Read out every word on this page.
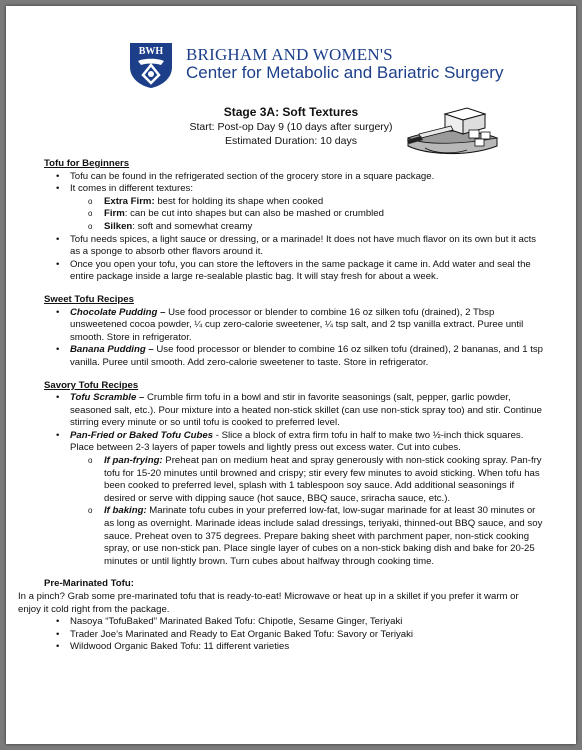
BWH BRIGHAM AND WOMEN'S
Center for Metabolic and Bariatric Surgery
Stage 3A: Soft Textures
Start: Post-op Day 9 (10 days after surgery)
Estimated Duration: 10 days
Tofu for Beginners
• Tofu can be found in the refrigerated section of the grocery store in a square package.
• It comes in different textures:
o Extra Firm: best for holding its shape when cooked
o Firm: can be cut into shapes but can also be mashed or crumbled
o Silken: soft and somewhat creamy
• Tofu needs spices, a light sauce or dressing, or a marinade! It does not have much flavor on its own but it acts as a sponge to absorb other flavors around it.
• Once you open your tofu, you can store the leftovers in the same package it came in. Add water and seal the entire package inside a large re-sealable plastic bag. It will stay fresh for about a week.
Sweet Tofu Recipes
• Chocolate Pudding – Use food processor or blender to combine 16 oz silken tofu (drained), 2 Tbsp unsweetened cocoa powder, ¼ cup zero-calorie sweetener, ¼ tsp salt, and 2 tsp vanilla extract. Puree until smooth. Store in refrigerator.
• Banana Pudding – Use food processor or blender to combine 16 oz silken tofu (drained), 2 bananas, and 1 tsp vanilla. Puree until smooth. Add zero-calorie sweetener to taste. Store in refrigerator.
Savory Tofu Recipes
• Tofu Scramble – Crumble firm tofu in a bowl and stir in favorite seasonings (salt, pepper, garlic powder, seasoned salt, etc.). Pour mixture into a heated non-stick skillet (can use non-stick spray too) and stir. Continue stirring every minute or so until tofu is cooked to preferred level.
• Pan-Fried or Baked Tofu Cubes - Slice a block of extra firm tofu in half to make two ½-inch thick squares. Place between 2-3 layers of paper towels and lightly press out excess water. Cut into cubes.
o If pan-frying: Preheat pan on medium heat and spray generously with non-stick cooking spray. Pan-fry tofu for 15-20 minutes until browned and crispy; stir every few minutes to avoid sticking. When tofu has been cooked to preferred level, splash with 1 tablespoon soy sauce. Add additional seasonings if desired or serve with dipping sauce (hot sauce, BBQ sauce, sriracha sauce, etc.).
o If baking: Marinate tofu cubes in your preferred low-fat, low-sugar marinade for at least 30 minutes or as long as overnight. Marinade ideas include salad dressings, teriyaki, thinned-out BBQ sauce, and soy sauce. Preheat oven to 375 degrees. Prepare baking sheet with parchment paper, non-stick cooking spray, or use non-stick pan. Place single layer of cubes on a non-stick baking dish and bake for 20-25 minutes or until lightly brown. Turn cubes about halfway through cooking time.
Pre-Marinated Tofu:
In a pinch? Grab some pre-marinated tofu that is ready-to-eat! Microwave or heat up in a skillet if you prefer it warm or enjoy it cold right from the package.
• Nasoya “TofuBaked” Marinated Baked Tofu: Chipotle, Sesame Ginger, Teriyaki
• Trader Joe’s Marinated and Ready to Eat Organic Baked Tofu: Savory or Teriyaki
• Wildwood Organic Baked Tofu: 11 different varieties
